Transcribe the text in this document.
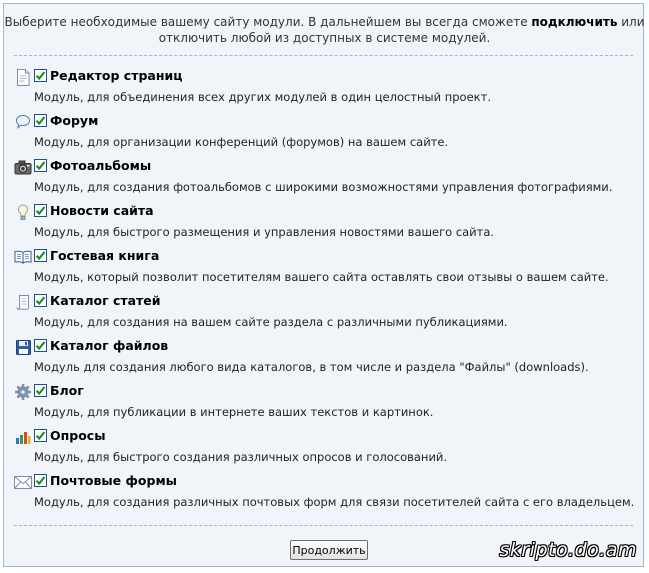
Выберите необходимые вашему сайту модули. В дальнейшем вы всегда сможете подключить или
отключить любой из доступных в системе модулей.
Редактор страниц
Модуль, для объединения всех других модулей в один целостный проект.
Форум
Модуль, для организации конференций (форумов) на вашем сайте.
Фотоальбомы
Модуль, для создания фотоальбомов с широкими возможностями управления фотографиями.
Новости сайта
Модуль, для быстрого размещения и управления новостями вашего сайта.
Гостевая книга
Модуль, который позволит посетителям вашего сайта оставлять свои отзывы о вашем сайте.
Каталог статей
Модуль, для создания на вашем сайте раздела с различными публикациями.
Каталог файлов
Модуль для создания любого вида каталогов, в том числе и раздела "Файлы" (downloads).
Блог
Модуль, для публикации в интернете ваших текстов и картинок.
Опросы
Модуль, для быстрого создания различных опросов и голосований.
Почтовые формы
Модуль, для создания различных почтовых форм для связи посетителей сайта с его владельцем.
Продолжить	skripto.do.am
